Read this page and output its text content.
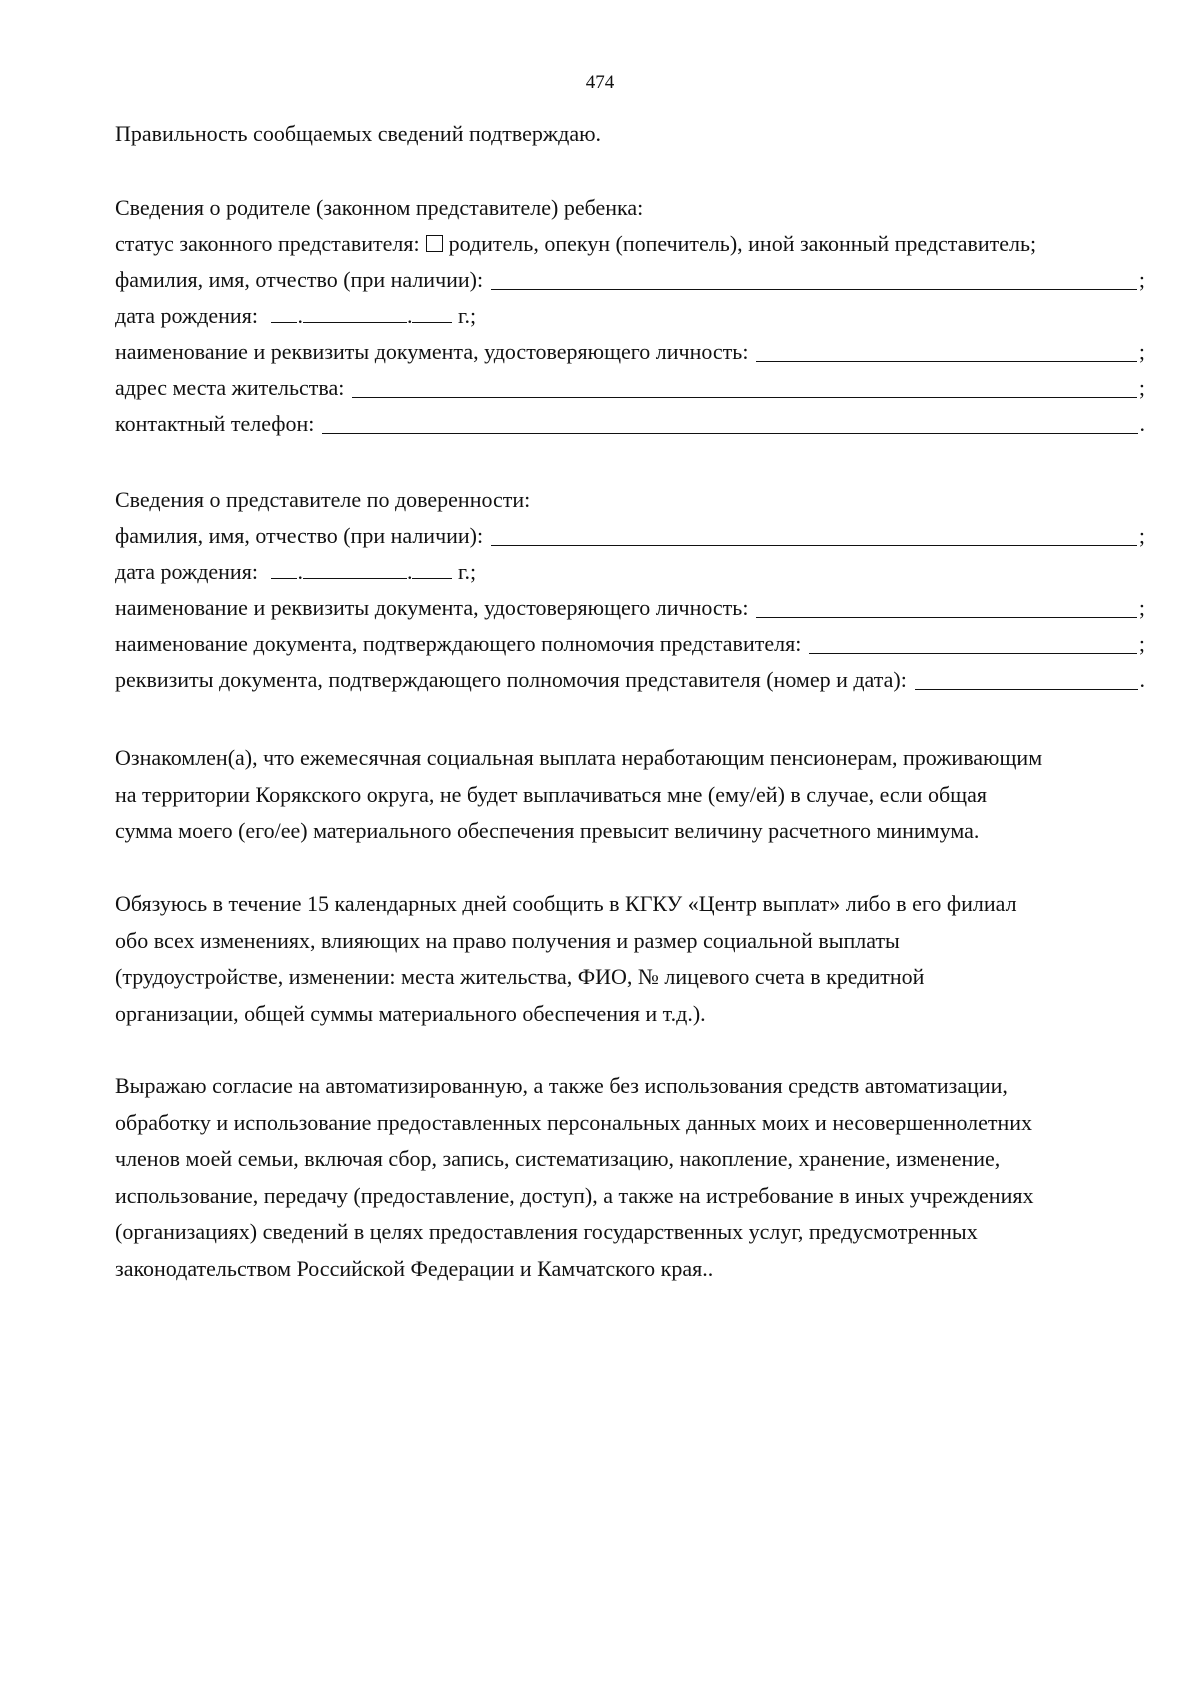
474
Правильность сообщаемых сведений подтверждаю.
Сведения о родителе (законном представителе) ребенка:
статус законного представителя: родитель, опекун (попечитель), иной законный представитель;
фамилия, имя, отчество (при наличии):	;
дата рождения: .	. г.;
наименование и реквизиты документа, удостоверяющего личность:	;
адрес места жительства:	;
контактный телефон:	.
Сведения о представителе по доверенности:
фамилия, имя, отчество (при наличии):	;
дата рождения: .	. г.;
наименование и реквизиты документа, удостоверяющего личность:	;
наименование документа, подтверждающего полномочия представителя:	;
реквизиты документа, подтверждающего полномочия представителя (номер и дата):	.
Ознакомлен(а), что ежемесячная социальная выплата неработающим пенсионерам, проживающим
на территории Корякского округа, не будет выплачиваться мне (ему/ей) в случае, если общая
сумма моего (его/ее) материального обеспечения превысит величину расчетного минимума.
Обязуюсь в течение 15 календарных дней сообщить в КГКУ «Центр выплат» либо в его филиал
обо всех изменениях, влияющих на право получения и размер социальной выплаты
(трудоустройстве, изменении: места жительства, ФИО, № лицевого счета в кредитной
организации, общей суммы материального обеспечения и т.д.).
Выражаю согласие на автоматизированную, а также без использования средств автоматизации,
обработку и использование предоставленных персональных данных моих и несовершеннолетних
членов моей семьи, включая сбор, запись, систематизацию, накопление, хранение, изменение,
использование, передачу (предоставление, доступ), а также на истребование в иных учреждениях
(организациях) сведений в целях предоставления государственных услуг, предусмотренных
законодательством Российской Федерации и Камчатского края..
